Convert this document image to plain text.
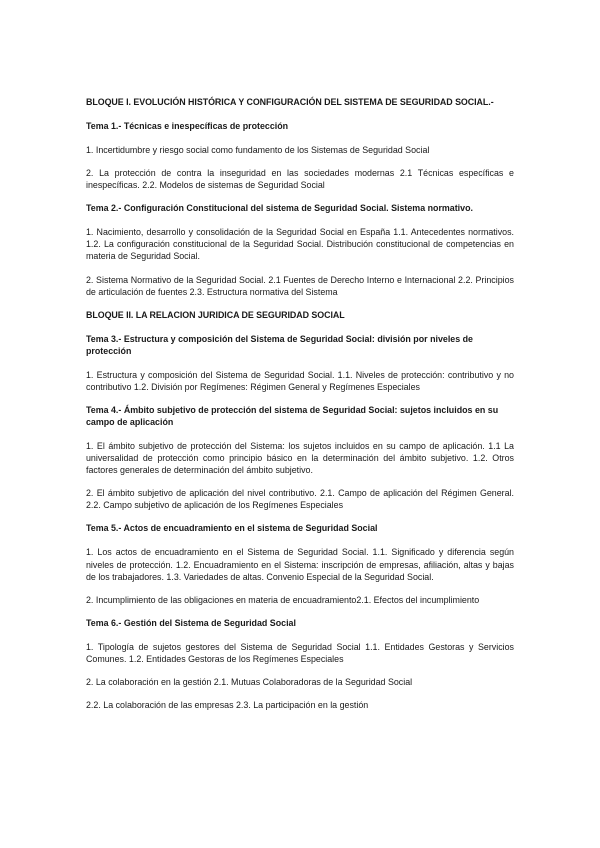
BLOQUE I. EVOLUCIÓN HISTÓRICA Y CONFIGURACIÓN DEL SISTEMA DE SEGURIDAD SOCIAL.-
Tema 1.- Técnicas e inespecíficas de protección
1. Incertidumbre y riesgo social como fundamento de los Sistemas de Seguridad Social
2. La protección de contra la inseguridad en las sociedades modernas 2.1 Técnicas específicas e inespecíficas. 2.2. Modelos de sistemas de Seguridad Social
Tema 2.- Configuración Constitucional del sistema de Seguridad Social. Sistema normativo.
1. Nacimiento, desarrollo y consolidación de la Seguridad Social en España 1.1. Antecedentes normativos. 1.2. La configuración constitucional de la Seguridad Social. Distribución constitucional de competencias en materia de Seguridad Social.
2. Sistema Normativo de la Seguridad Social. 2.1 Fuentes de Derecho Interno e Internacional 2.2. Principios de articulación de fuentes 2.3. Estructura normativa del Sistema
BLOQUE II. LA RELACION JURIDICA DE SEGURIDAD SOCIAL
Tema 3.- Estructura y composición del Sistema de Seguridad Social: división por niveles de protección
1. Estructura y composición del Sistema de Seguridad Social. 1.1. Niveles de protección: contributivo y no contributivo 1.2. División por Regímenes: Régimen General y Regímenes Especiales
Tema 4.- Ámbito subjetivo de protección del sistema de Seguridad Social: sujetos incluidos en su campo de aplicación
1. El ámbito subjetivo de protección del Sistema: los sujetos incluidos en su campo de aplicación. 1.1 La universalidad de protección como principio básico en la determinación del ámbito subjetivo. 1.2. Otros factores generales de determinación del ámbito subjetivo.
2. El ámbito subjetivo de aplicación del nivel contributivo. 2.1. Campo de aplicación del Régimen General. 2.2. Campo subjetivo de aplicación de los Regímenes Especiales
Tema 5.- Actos de encuadramiento en el sistema de Seguridad Social
1. Los actos de encuadramiento en el Sistema de Seguridad Social. 1.1. Significado y diferencia según niveles de protección. 1.2. Encuadramiento en el Sistema: inscripción de empresas, afiliación, altas y bajas de los trabajadores. 1.3. Variedades de altas. Convenio Especial de la Seguridad Social.
2. Incumplimiento de las obligaciones en materia de encuadramiento2.1. Efectos del incumplimiento
Tema 6.- Gestión del Sistema de Seguridad Social
1. Tipología de sujetos gestores del Sistema de Seguridad Social 1.1. Entidades Gestoras y Servicios Comunes. 1.2. Entidades Gestoras de los Regímenes Especiales
2. La colaboración en la gestión 2.1. Mutuas Colaboradoras de la Seguridad Social
2.2. La colaboración de las empresas 2.3. La participación en la gestión
